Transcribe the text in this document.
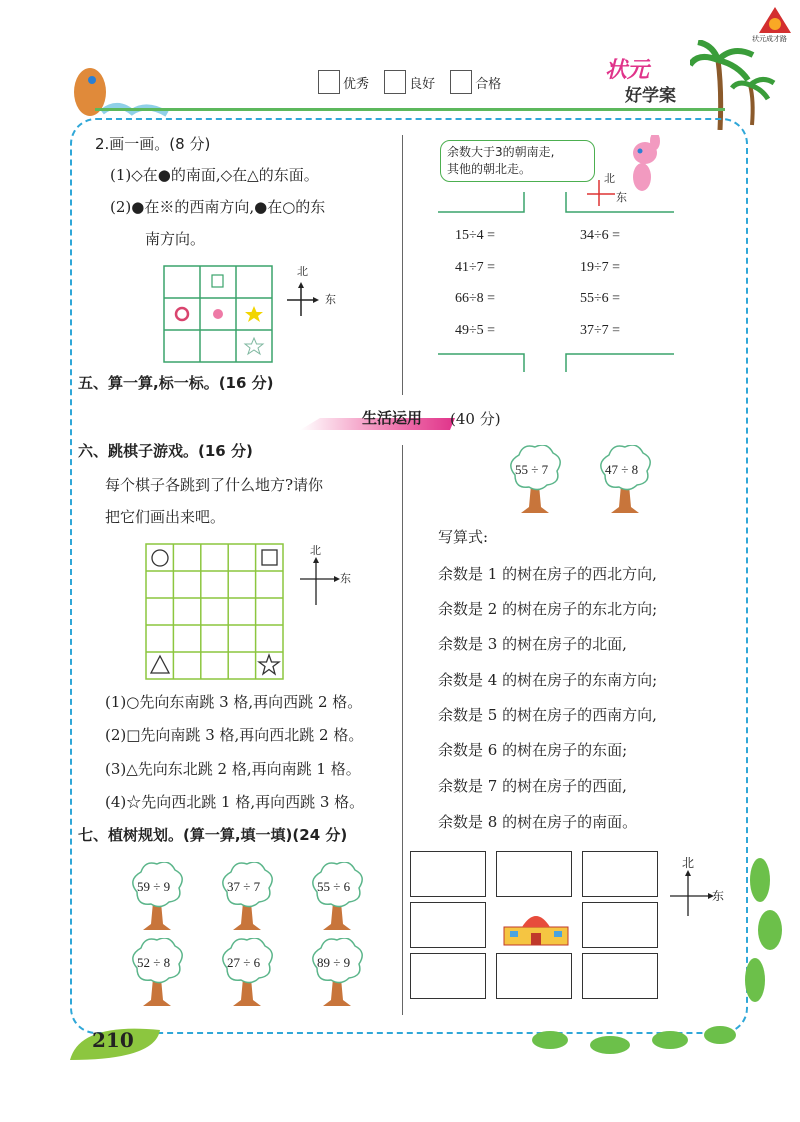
状元成才路
优秀	良好	合格
状元
好学案
2.画一画。(8 分)
(1)◇在●的南面,◇在△的东面。
(2)●在※的西南方向,●在○的东
南方向。
北
东
五、算一算,标一标。(16 分)
余数大于3的朝南走,
其他的朝北走。
北
东
15÷4 =	34÷6 =
41÷7 =	19÷7 =
66÷8 =	55÷6 =
49÷5 =	37÷7 =
生活运用 (40 分)
六、跳棋子游戏。(16 分)
每个棋子各跳到了什么地方?请你
把它们画出来吧。
北
东
(1)○先向东南跳 3 格,再向西跳 2 格。
(2)□先向南跳 3 格,再向西北跳 2 格。
(3)△先向东北跳 2 格,再向南跳 1 格。
(4)☆先向西北跳 1 格,再向西跳 3 格。
七、植树规划。(算一算,填一填)(24 分)
59 ÷ 9	37 ÷ 7	55 ÷ 6
52 ÷ 8	27 ÷ 6	89 ÷ 9
55 ÷ 7	47 ÷ 8
写算式:
余数是 1 的树在房子的西北方向,
余数是 2 的树在房子的东北方向;
余数是 3 的树在房子的北面,
余数是 4 的树在房子的东南方向;
余数是 5 的树在房子的西南方向,
余数是 6 的树在房子的东面;
余数是 7 的树在房子的西面,
余数是 8 的树在房子的南面。
北
东
210
